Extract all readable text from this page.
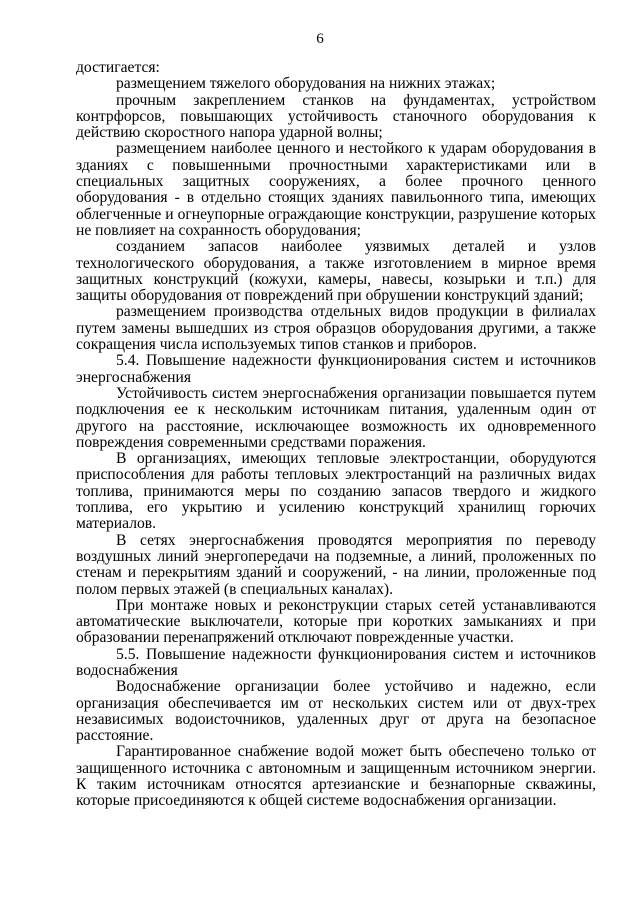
6

достигается:

размещением тяжелого оборудования на нижних этажах;

прочным закреплением станков на фундаментах, устройством контрфорсов, повышающих устойчивость станочного оборудования к действию скоростного напора ударной волны;

размещением наиболее ценного и нестойкого к ударам оборудования в зданиях с повышенными прочностными характеристиками или в специальных защитных сооружениях, а более прочного ценного оборудования - в отдельно стоящих зданиях павильонного типа, имеющих облегченные и огнеупорные ограждающие конструкции, разрушение которых не повлияет на сохранность оборудования;

созданием запасов наиболее уязвимых деталей и узлов технологического оборудования, а также изготовлением в мирное время защитных конструкций (кожухи, камеры, навесы, козырьки и т.п.) для защиты оборудования от повреждений при обрушении конструкций зданий;

размещением производства отдельных видов продукции в филиалах путем замены вышедших из строя образцов оборудования другими, а также сокращения числа используемых типов станков и приборов.

5.4. Повышение надежности функционирования систем и источников энергоснабжения

Устойчивость систем энергоснабжения организации повышается путем подключения ее к нескольким источникам питания, удаленным один от другого на расстояние, исключающее возможность их одновременного повреждения современными средствами поражения.

В организациях, имеющих тепловые электростанции, оборудуются приспособления для работы тепловых электростанций на различных видах топлива, принимаются меры по созданию запасов твердого и жидкого топлива, его укрытию и усилению конструкций хранилищ горючих материалов.

В сетях энергоснабжения проводятся мероприятия по переводу воздушных линий энергопередачи на подземные, а линий, проложенных по стенам и перекрытиям зданий и сооружений, - на линии, проложенные под полом первых этажей (в специальных каналах).

При монтаже новых и реконструкции старых сетей устанавливаются автоматические выключатели, которые при коротких замыканиях и при образовании перенапряжений отключают поврежденные участки.

5.5. Повышение надежности функционирования систем и источников водоснабжения

Водоснабжение организации более устойчиво и надежно, если организация обеспечивается им от нескольких систем или от двух-трех независимых водоисточников, удаленных друг от друга на безопасное расстояние.

Гарантированное снабжение водой может быть обеспечено только от защищенного источника с автономным и защищенным источником энергии. К таким источникам относятся артезианские и безнапорные скважины, которые присоединяются к общей системе водоснабжения организации.
